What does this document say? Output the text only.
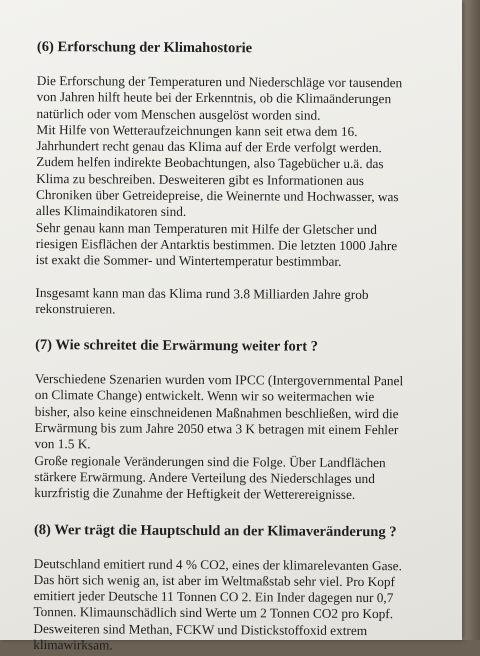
(6) Erforschung der Klimahostorie

Die Erforschung der Temperaturen und Niederschläge vor tausenden
von Jahren hilft heute bei der Erkenntnis, ob die Klimaänderungen
natürlich oder vom Menschen ausgelöst worden sind.
Mit Hilfe von Wetteraufzeichnungen kann seit etwa dem 16.
Jahrhundert recht genau das Klima auf der Erde verfolgt werden.
Zudem helfen indirekte Beobachtungen, also Tagebücher u.ä. das
Klima zu beschreiben. Desweiteren gibt es Informationen aus
Chroniken über Getreidepreise, die Weinernte und Hochwasser, was
alles Klimaindikatoren sind.
Sehr genau kann man Temperaturen mit Hilfe der Gletscher und
riesigen Eisflächen der Antarktis bestimmen. Die letzten 1000 Jahre
ist exakt die Sommer- und Wintertemperatur bestimmbar.

Insgesamt kann man das Klima rund 3.8 Milliarden Jahre grob
rekonstruieren.

(7) Wie schreitet die Erwärmung weiter fort ?

Verschiedene Szenarien wurden vom IPCC (Intergovernmental Panel
on Climate Change) entwickelt. Wenn wir so weitermachen wie
bisher, also keine einschneidenen Maßnahmen beschließen, wird die
Erwärmung bis zum Jahre 2050 etwa 3 K betragen mit einem Fehler
von 1.5 K.
Große regionale Veränderungen sind die Folge. Über Landflächen
stärkere Erwärmung. Andere Verteilung des Niederschlages und
kurzfristig die Zunahme der Heftigkeit der Wetterereignisse.

(8) Wer trägt die Hauptschuld an der Klimaveränderung ?

Deutschland emitiert rund 4 % CO2, eines der klimarelevanten Gase.
Das hört sich wenig an, ist aber im Weltmaßstab sehr viel. Pro Kopf
emitiert jeder Deutsche 11 Tonnen CO 2. Ein Inder dagegen nur 0,7
Tonnen. Klimaunschädlich sind Werte um 2 Tonnen CO2 pro Kopf.
Desweiteren sind Methan, FCKW und Distickstoffoxid extrem
klimawirksam.
